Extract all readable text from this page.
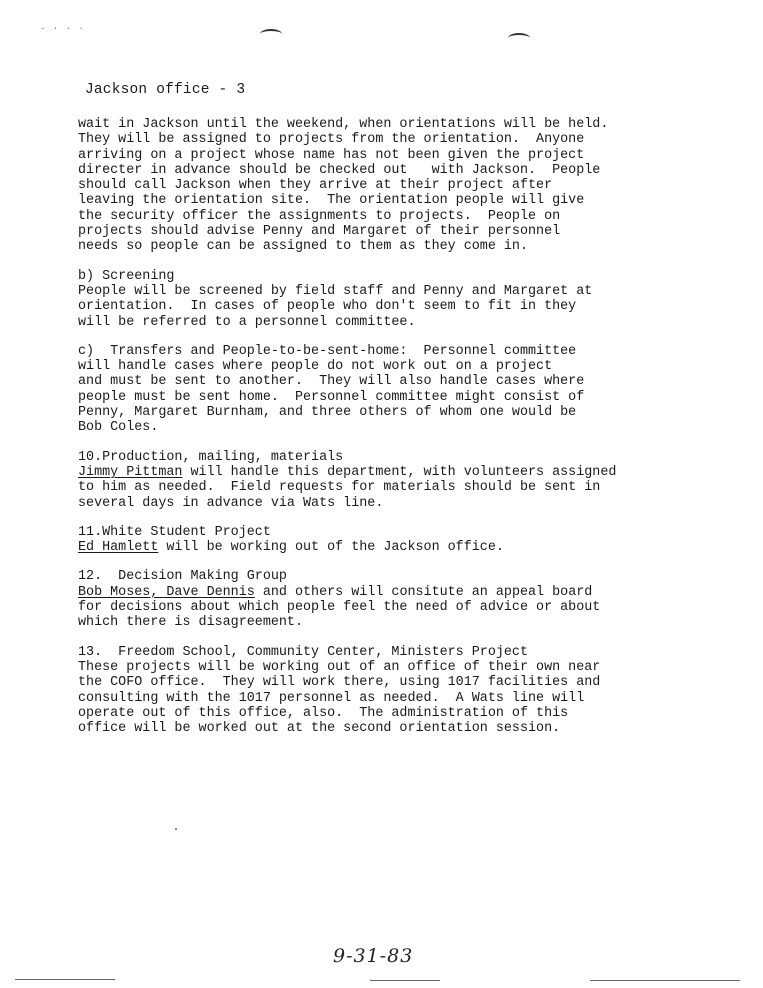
- · · ·
Jackson office - 3
wait in Jackson until the weekend, when orientations will be held.
They will be assigned to projects from the orientation.  Anyone
arriving on a project whose name has not been given the project
directer in advance should be checked out   with Jackson.  People
should call Jackson when they arrive at their project after
leaving the orientation site.  The orientation people will give
the security officer the assignments to projects.  People on
projects should advise Penny and Margaret of their personnel
needs so people can be assigned to them as they come in.
b) Screening
People will be screened by field staff and Penny and Margaret at
orientation.  In cases of people who don't seem to fit in they
will be referred to a personnel committee.
c)  Transfers and People-to-be-sent-home:  Personnel committee
will handle cases where people do not work out on a project
and must be sent to another.  They will also handle cases where
people must be sent home.  Personnel committee might consist of
Penny, Margaret Burnham, and three others of whom one would be
Bob Coles.
10.Production, mailing, materials
Jimmy Pittman will handle this department, with volunteers assigned
to him as needed.  Field requests for materials should be sent in
several days in advance via Wats line.
11.White Student Project
Ed Hamlett will be working out of the Jackson office.
12.  Decision Making Group
Bob Moses, Dave Dennis and others will consitute an appeal board
for decisions about which people feel the need of advice or about
which there is disagreement.
13.  Freedom School, Community Center, Ministers Project
These projects will be working out of an office of their own near
the COFO office.  They will work there, using 1017 facilities and
consulting with the 1017 personnel as needed.  A Wats line will
operate out of this office, also.  The administration of this
office will be worked out at the second orientation session.
9-31-83
